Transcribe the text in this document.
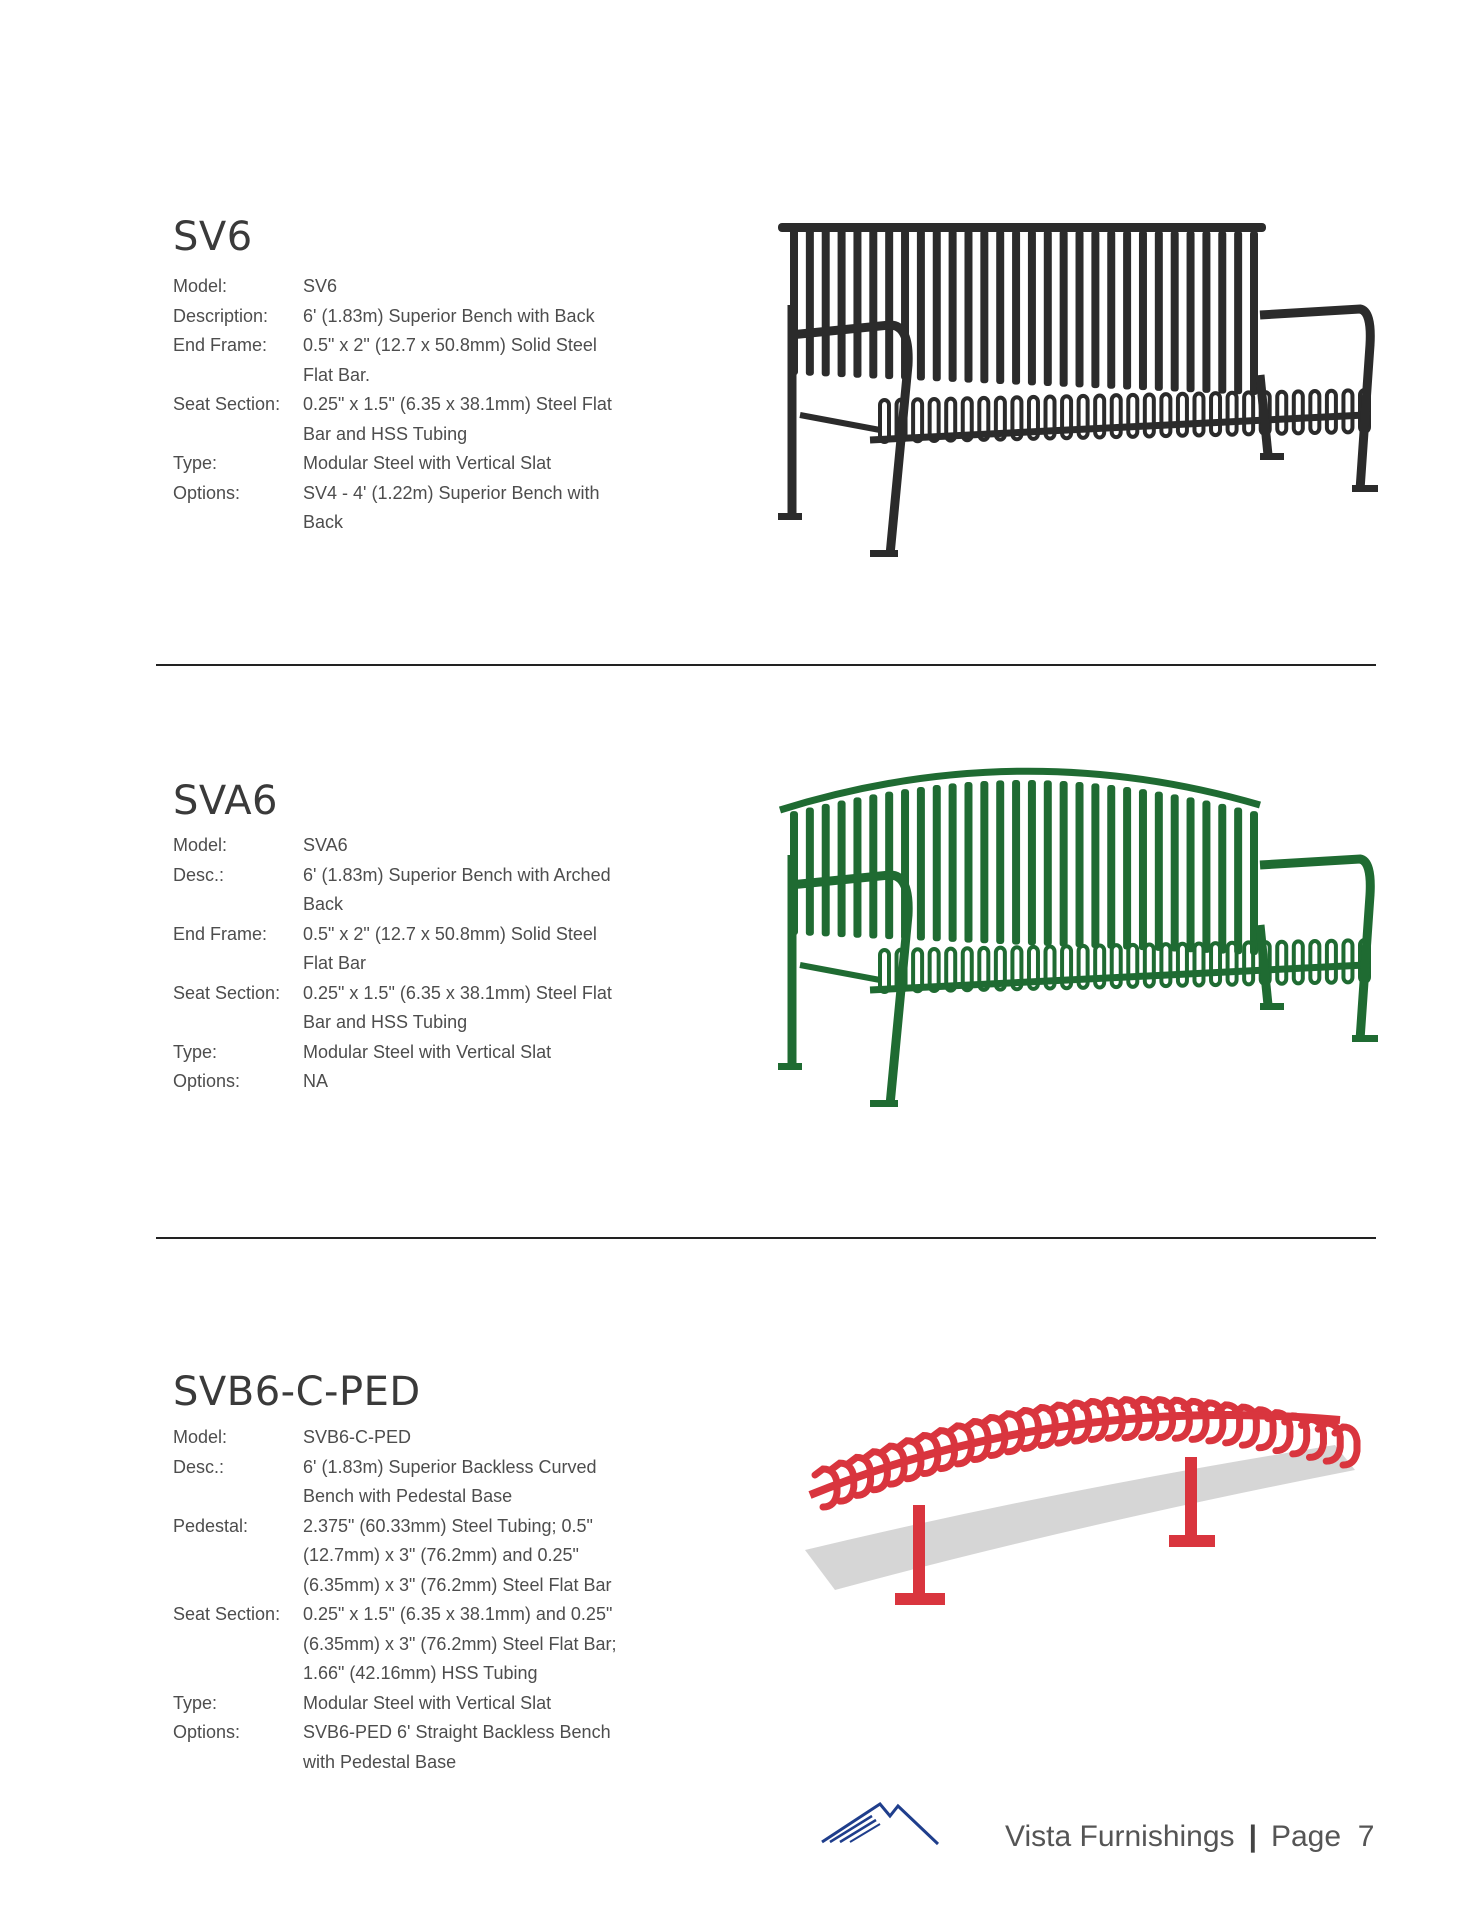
SV6
Model:	SV6
Description:	6' (1.83m) Superior Bench with Back
End Frame:	0.5" x 2" (12.7 x 50.8mm) Solid Steel Flat Bar.
Seat Section:	0.25" x 1.5" (6.35 x 38.1mm) Steel Flat Bar and HSS Tubing
Type:	Modular Steel with Vertical Slat
Options:	SV4 - 4' (1.22m) Superior Bench with Back
SVA6
Model:	SVA6
Desc.:	6' (1.83m) Superior Bench with Arched Back
End Frame:	0.5" x 2" (12.7 x 50.8mm) Solid Steel Flat Bar
Seat Section:	0.25" x 1.5" (6.35 x 38.1mm) Steel Flat Bar and HSS Tubing
Type:	Modular Steel with Vertical Slat
Options:	NA
SVB6-C-PED
Model:	SVB6-C-PED
Desc.:	6' (1.83m) Superior Backless Curved Bench with Pedestal Base
Pedestal:	2.375" (60.33mm) Steel Tubing; 0.5" (12.7mm) x 3" (76.2mm) and 0.25" (6.35mm) x 3" (76.2mm) Steel Flat Bar
Seat Section:	0.25" x 1.5" (6.35 x 38.1mm) and 0.25" (6.35mm) x 3" (76.2mm) Steel Flat Bar; 1.66" (42.16mm) HSS Tubing
Type:	Modular Steel with Vertical Slat
Options:	SVB6-PED 6' Straight Backless Bench with Pedestal Base
Vista Furnishings | Page 7
